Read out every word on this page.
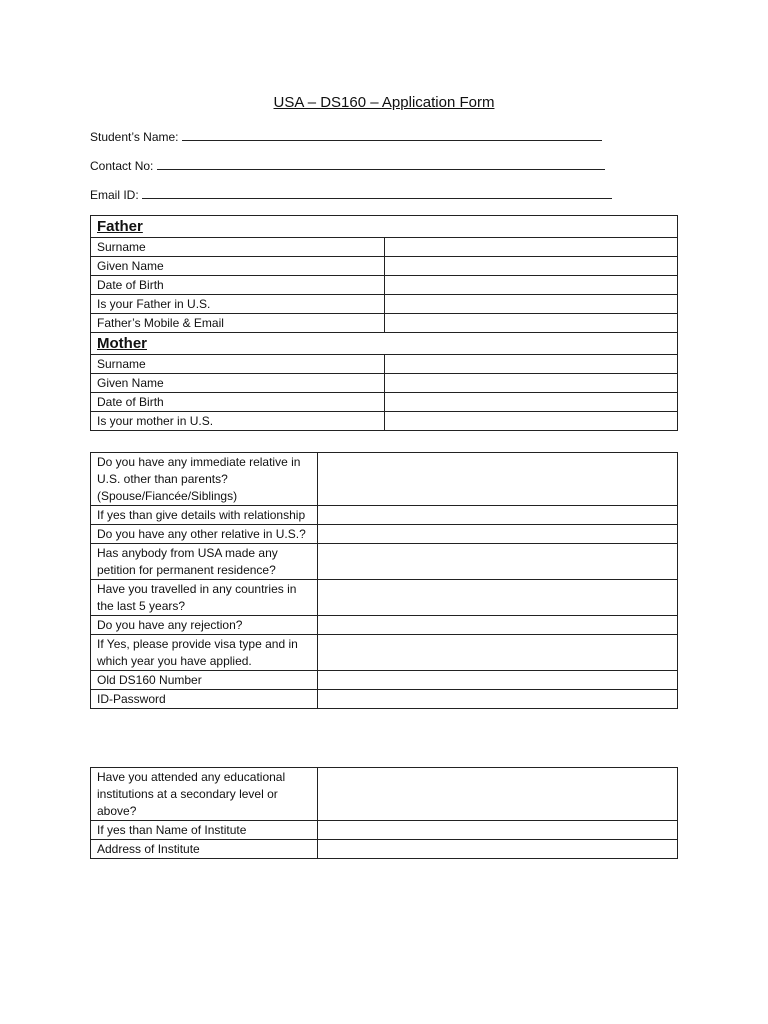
USA – DS160 – Application Form
Student’s Name:
Contact No:
Email ID:
Father	
Surname	
Given Name	
Date of Birth	
Is your Father in U.S.	
Father’s Mobile & Email	
Mother	
Surname	
Given Name	
Date of Birth	
Is your mother in U.S.	
Do you have any immediate relative in U.S. other than parents? (Spouse/Fiancée/Siblings)	
If yes than give details with relationship	
Do you have any other relative in U.S.?	
Has anybody from USA made any petition for permanent residence?	
Have you travelled in any countries in the last 5 years?	
Do you have any rejection?	
If Yes, please provide visa type and in which year you have applied.	
Old DS160 Number	
ID-Password	
Have you attended any educational institutions at a secondary level or above?	
If yes than Name of Institute	
Address of Institute	
